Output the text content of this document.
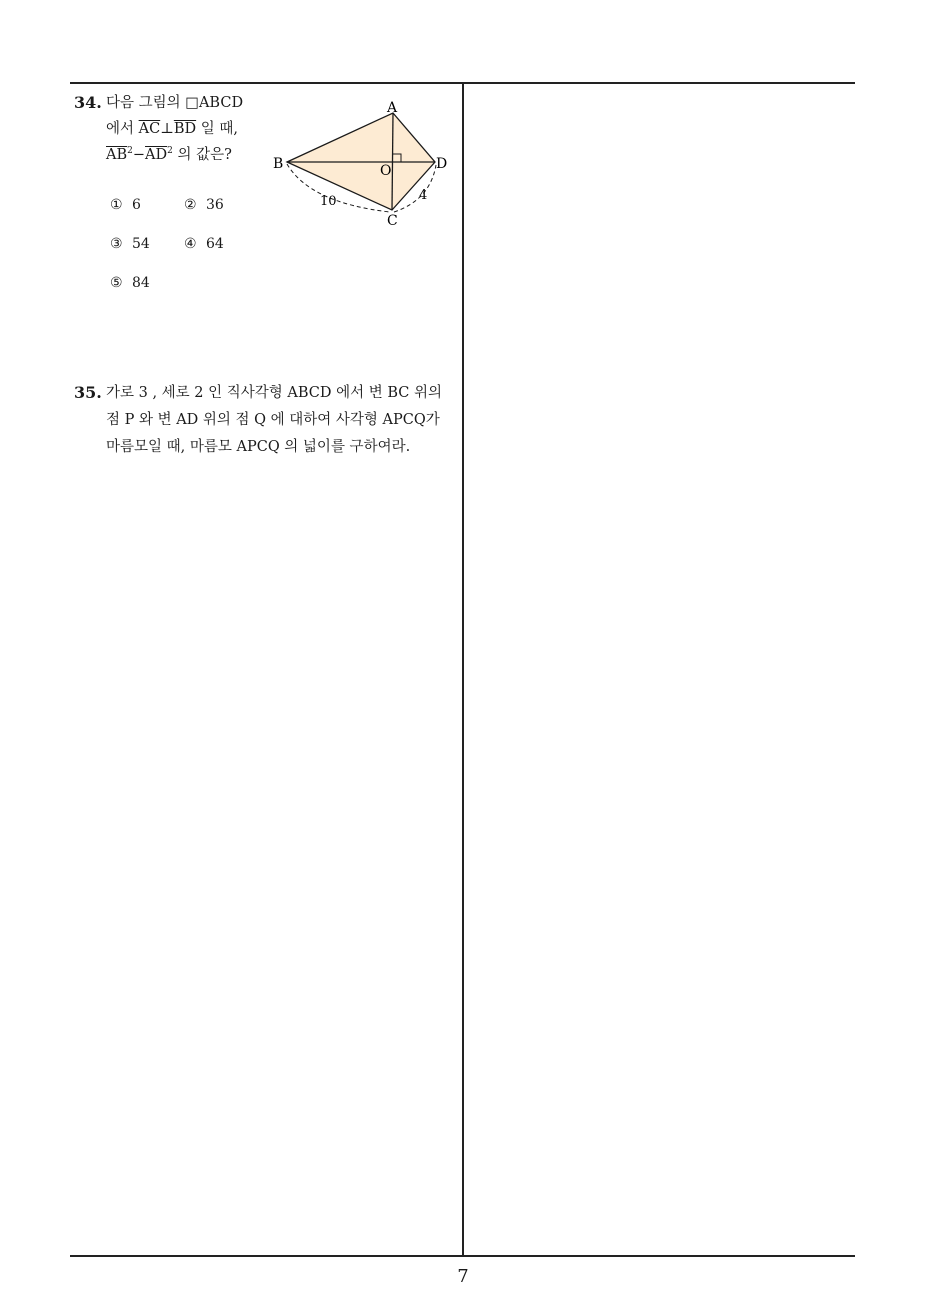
34. 다음 그림의 □ABCD
에서 $\overline{AC}\perp\overline{BD}$ 일 때,
$\overline{AB}^2-\overline{AD}^2$ 의 값은?
① 6	② 36
③ 54 ④ 64
⑤ 84
A
B
C
D
O
10	4
35. 가로 3 , 세로 2 인 직사각형 ABCD 에서 변 BC 위의
점 P 와 변 AD 위의 점 Q 에 대하여 사각형 APCQ가
마름모일 때, 마름모 APCQ 의 넓이를 구하여라.
7
